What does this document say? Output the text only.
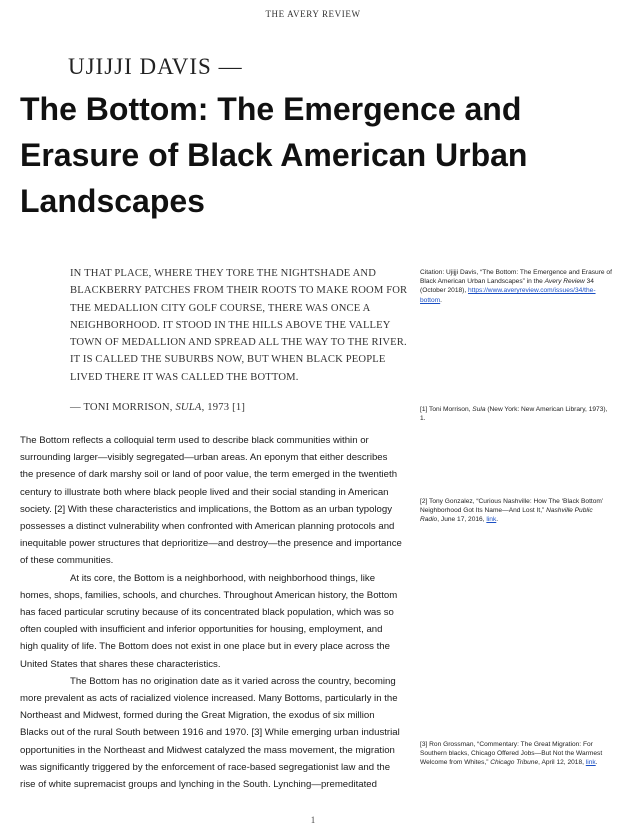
THE AVERY REVIEW
UJIJJI DAVIS —
The Bottom: The Emergence and Erasure of Black American Urban Landscapes

IN THAT PLACE, WHERE THEY TORE THE NIGHTSHADE AND BLACKBERRY PATCHES FROM THEIR ROOTS TO MAKE ROOM FOR THE MEDALLION CITY GOLF COURSE, THERE WAS ONCE A NEIGHBORHOOD. IT STOOD IN THE HILLS ABOVE THE VALLEY TOWN OF MEDALLION AND SPREAD ALL THE WAY TO THE RIVER. IT IS CALLED THE SUBURBS NOW, BUT WHEN BLACK PEOPLE LIVED THERE IT WAS CALLED THE BOTTOM.

— TONI MORRISON, SULA, 1973 [1]
Citation: Ujijji Davis, “The Bottom: The Emergence and Erasure of Black American Urban Landscapes” in the Avery Review 34 (October 2018), https://www.averyreview.com/issues/34/the-bottom.
[1] Toni Morrison, Sula (New York: New American Library, 1973), 1.
[2] Tony Gonzalez, “Curious Nashville: How The ‘Black Bottom’ Neighborhood Got Its Name—And Lost It,” Nashville Public Radio, June 17, 2016, link.
[3] Ron Grossman, “Commentary: The Great Migration: For Southern blacks, Chicago Offered Jobs—But Not the Warmest Welcome from Whites,” Chicago Tribune, April 12, 2018, link.

The Bottom reflects a colloquial term used to describe black communities within or surrounding larger—visibly segregated—urban areas. An eponym that either describes the presence of dark marshy soil or land of poor value, the term emerged in the twentieth century to illustrate both where black people lived and their social standing in American society. [2] With these characteristics and implications, the Bottom as an urban typology possesses a distinct vulnerability when confronted with American planning protocols and inequitable power structures that deprioritize—and destroy—the presence and importance of these communities.

At its core, the Bottom is a neighborhood, with neighborhood things, like homes, shops, families, schools, and churches. Throughout American history, the Bottom has faced particular scrutiny because of its concentrated black population, which was so often coupled with insufficient and inferior opportunities for housing, employment, and high quality of life. The Bottom does not exist in one place but in every place across the United States that shares these characteristics.

The Bottom has no origination date as it varied across the country, becoming more prevalent as acts of racialized violence increased. Many Bottoms, particularly in the Northeast and Midwest, formed during the Great Migration, the exodus of six million Blacks out of the rural South between 1916 and 1970. [3] While emerging urban industrial opportunities in the Northeast and Midwest catalyzed the mass movement, the migration was significantly triggered by the enforcement of race-based segregationist law and the rise of white supremacist groups and lynching in the South. Lynching—premeditated

1
